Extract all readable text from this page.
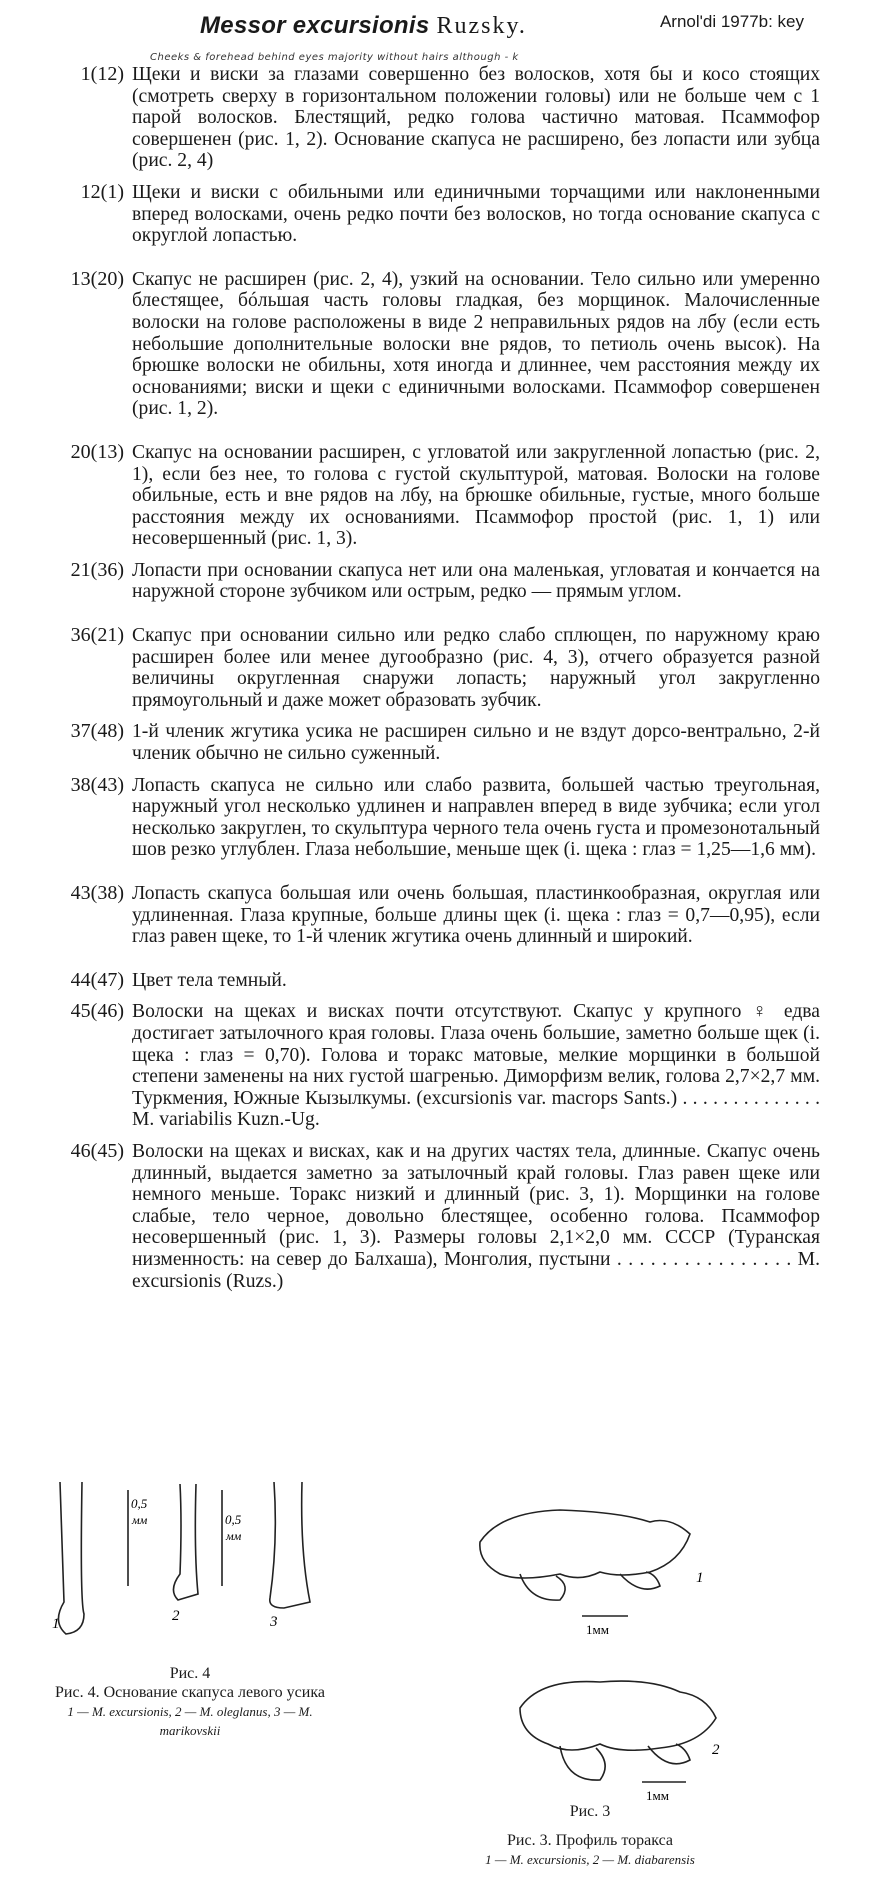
Messor excursionis Ruzsky.	Arnol'di 1977b: key
Cheeks & forehead behind eyes majority without hairs although - k
1(12) Щеки и виски за глазами совершенно без волосков, хотя бы и косо стоящих (смотреть сверху в горизонтальном положении головы) или не больше чем с 1 парой волосков. Блестящий, редко голова частично матовая. Псаммофор совершенен (рис. 1, 2). Основание скапуса не расширено, без лопасти или зубца (рис. 2, 4)
12(1) Щеки и виски с обильными или единичными торчащими или наклоненными вперед волосками, очень редко почти без волосков, но тогда основание скапуса с округлой лопастью.
13(20) Скапус не расширен (рис. 2, 4), узкий на основании. Тело сильно или умеренно блестящее, бóльшая часть головы гладкая, без морщинок. Малочисленные волоски на голове расположены в виде 2 неправильных рядов на лбу (если есть небольшие дополнительные волоски вне рядов, то петиоль очень высок). На брюшке волоски не обильны, хотя иногда и длиннее, чем расстояния между их основаниями; виски и щеки с единичными волосками. Псаммофор совершенен (рис. 1, 2).
20(13) Скапус на основании расширен, с угловатой или закругленной лопастью (рис. 2, 1), если без нее, то голова с густой скульптурой, матовая. Волоски на голове обильные, есть и вне рядов на лбу, на брюшке обильные, густые, много больше расстояния между их основаниями. Псаммофор простой (рис. 1, 1) или несовершенный (рис. 1, 3).
21(36) Лопасти при основании скапуса нет или она маленькая, угловатая и кончается на наружной стороне зубчиком или острым, редко — прямым углом.
36(21) Скапус при основании сильно или редко слабо сплющен, по наружному краю расширен более или менее дугообразно (рис. 4, 3), отчего образуется разной величины округленная снаружи лопасть; наружный угол закругленно прямоугольный и даже может образовать зубчик.
37(48) 1-й членик жгутика усика не расширен сильно и не вздут дорсо-вентрально, 2-й членик обычно не сильно суженный.
38(43) Лопасть скапуса не сильно или слабо развита, большей частью треугольная, наружный угол несколько удлинен и направлен вперед в виде зубчика; если угол несколько закруглен, то скульптура черного тела очень густа и промезонотальный шов резко углублен. Глаза небольшие, меньше щек (i. щека : глаз = 1,25—1,6 мм).
43(38) Лопасть скапуса большая или очень большая, пластинкообразная, округлая или удлиненная. Глаза крупные, больше длины щек (i. щека : глаз = 0,7—0,95), если глаз равен щеке, то 1-й членик жгутика очень длинный и широкий.
44(47) Цвет тела темный.
45(46) Волоски на щеках и висках почти отсутствуют. Скапус у крупного ♀ едва достигает затылочного края головы. Глаза очень большие, заметно больше щек (i. щека : глаз = 0,70). Голова и торакс матовые, мелкие морщинки в большой степени заменены на них густой шагренью. Диморфизм велик, голова 2,7×2,7 мм. Туркмения, Южные Кызылкумы. (excursionis var. macrops Sants.) . . . . . . . . . . . . . . M. variabilis Kuzn.-Ug.
46(45) Волоски на щеках и висках, как и на других частях тела, длинные. Скапус очень длинный, выдается заметно за затылочный край головы. Глаз равен щеке или немного меньше. Торакс низкий и длинный (рис. 3, 1). Морщинки на голове слабые, тело черное, довольно блестящее, особенно голова. Псаммофор несовершенный (рис. 1, 3). Размеры головы 2,1×2,0 мм. СССР (Туранская низменность: на север до Балхаша), Монголия, пустыни . . . . . . . . . . . . . . . . M. excursionis (Ruzs.)
0,5
мм	0,5
мм
1	2	3	1мм
1мм
1
2
Рис. 4
Рис. 4. Основание скапуса левого усика
1 — M. excursionis, 2 — M. oleglanus, 3 — M. marikovskii
Рис. 3
Рис. 3. Профиль торакса
1 — M. excursionis, 2 — M. diabarensis
